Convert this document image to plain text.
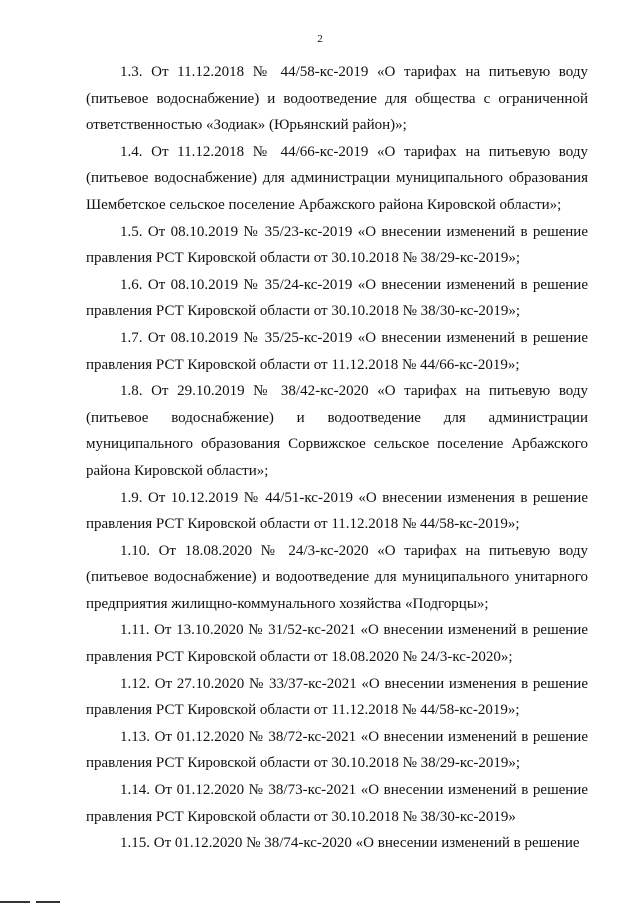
2

1.3. От 11.12.2018 № 44/58-кс-2019 «О тарифах на питьевую воду (питьевое водоснабжение) и водоотведение для общества с ограниченной ответственностью «Зодиак» (Юрьянский район)»;

1.4. От 11.12.2018 № 44/66-кс-2019 «О тарифах на питьевую воду (питьевое водоснабжение) для администрации муниципального образования Шембетское сельское поселение Арбажского района Кировской области»;

1.5. От 08.10.2019 № 35/23-кс-2019 «О внесении изменений в решение правления РСТ Кировской области от 30.10.2018 № 38/29-кс-2019»;

1.6. От 08.10.2019 № 35/24-кс-2019 «О внесении изменений в решение правления РСТ Кировской области от 30.10.2018 № 38/30-кс-2019»;

1.7. От 08.10.2019 № 35/25-кс-2019 «О внесении изменений в решение правления РСТ Кировской области от 11.12.2018 № 44/66-кс-2019»;

1.8. От 29.10.2019 № 38/42-кс-2020 «О тарифах на питьевую воду (питьевое водоснабжение) и водоотведение для администрации муниципального образования Сорвижское сельское поселение Арбажского района Кировской области»;

1.9. От 10.12.2019 № 44/51-кс-2019 «О внесении изменения в решение правления РСТ Кировской области от 11.12.2018 № 44/58-кс-2019»;

1.10. От 18.08.2020 № 24/3-кс-2020 «О тарифах на питьевую воду (питьевое водоснабжение) и водоотведение для муниципального унитарного предприятия жилищно-коммунального хозяйства «Подгорцы»;

1.11. От 13.10.2020 № 31/52-кс-2021 «О внесении изменений в решение правления РСТ Кировской области от 18.08.2020 № 24/3-кс-2020»;

1.12. От 27.10.2020 № 33/37-кс-2021 «О внесении изменения в решение правления РСТ Кировской области от 11.12.2018 № 44/58-кс-2019»;

1.13. От 01.12.2020 № 38/72-кс-2021 «О внесении изменений в решение правления РСТ Кировской области от 30.10.2018 № 38/29-кс-2019»;

1.14. От 01.12.2020 № 38/73-кс-2021 «О внесении изменений в решение правления РСТ Кировской области от 30.10.2018 № 38/30-кс-2019»

1.15. От 01.12.2020 № 38/74-кс-2020 «О внесении изменений в решение
